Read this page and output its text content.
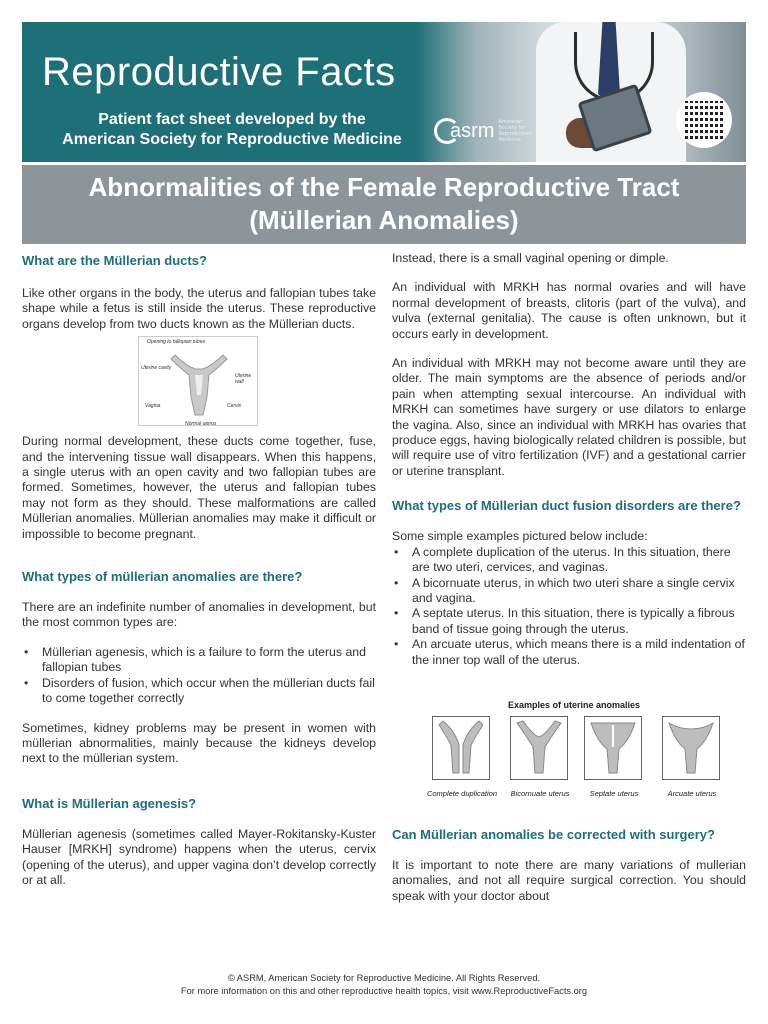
Reproductive Facts
Patient fact sheet developed by the
American Society for Reproductive Medicine asrm American Society for Reproductive Medicine
Abnormalities of the Female Reproductive Tract
(Müllerian Anomalies)
What are the Müllerian ducts?

Like other organs in the body, the uterus and fallopian tubes take shape while a fetus is still inside the uterus. These reproductive organs develop from two ducts known as the Müllerian ducts.

Opening to fallopian tubes
Uterine cavity
Uterine wall
Vagina	Cervix
Normal uterus

During normal development, these ducts come together, fuse, and the intervening tissue wall disappears. When this happens, a single uterus with an open cavity and two fallopian tubes are formed. Sometimes, however, the uterus and fallopian tubes may not form as they should. These malformations are called Müllerian anomalies. Müllerian anomalies may make it difficult or impossible to become pregnant.

What types of müllerian anomalies are there?

There are an indefinite number of anomalies in development, but the most common types are:

• Müllerian agenesis, which is a failure to form the uterus and fallopian tubes
• Disorders of fusion, which occur when the müllerian ducts fail to come together correctly

Sometimes, kidney problems may be present in women with müllerian abnormalities, mainly because the kidneys develop next to the müllerian system.

What is Müllerian agenesis?

Müllerian agenesis (sometimes called Mayer-Rokitansky-Kuster Hauser [MRKH] syndrome) happens when the uterus, cervix (opening of the uterus), and upper vagina don’t develop correctly or at all.

Instead, there is a small vaginal opening or dimple.

An individual with MRKH has normal ovaries and will have normal development of breasts, clitoris (part of the vulva), and vulva (external genitalia). The cause is often unknown, but it occurs early in development.

An individual with MRKH may not become aware until they are older. The main symptoms are the absence of periods and/or pain when attempting sexual intercourse. An individual with MRKH can sometimes have surgery or use dilators to enlarge the vagina. Also, since an individual with MRKH has ovaries that produce eggs, having biologically related children is possible, but will require use of vitro fertilization (IVF) and a gestational carrier or uterine transplant.

What types of Müllerian duct fusion disorders are there?

Some simple examples pictured below include:

• A complete duplication of the uterus. In this situation, there are two uteri, cervices, and vaginas.
• A bicornuate uterus, in which two uteri share a single cervix and vagina.
• A septate uterus. In this situation, there is typically a fibrous band of tissue going through the uterus.
• An arcuate uterus, which means there is a mild indentation of the inner top wall of the uterus.
Examples of uterine anomalies
Complete duplication	Bicornuate uterus	Septate uterus	Arcuate uterus
Can Müllerian anomalies be corrected with surgery?

It is important to note there are many variations of mullerian anomalies, and not all require surgical correction. You should speak with your doctor about

© ASRM, American Society for Reproductive Medicine. All Rights Reserved.
For more information on this and other reproductive health topics, visit www.ReproductiveFacts.org
